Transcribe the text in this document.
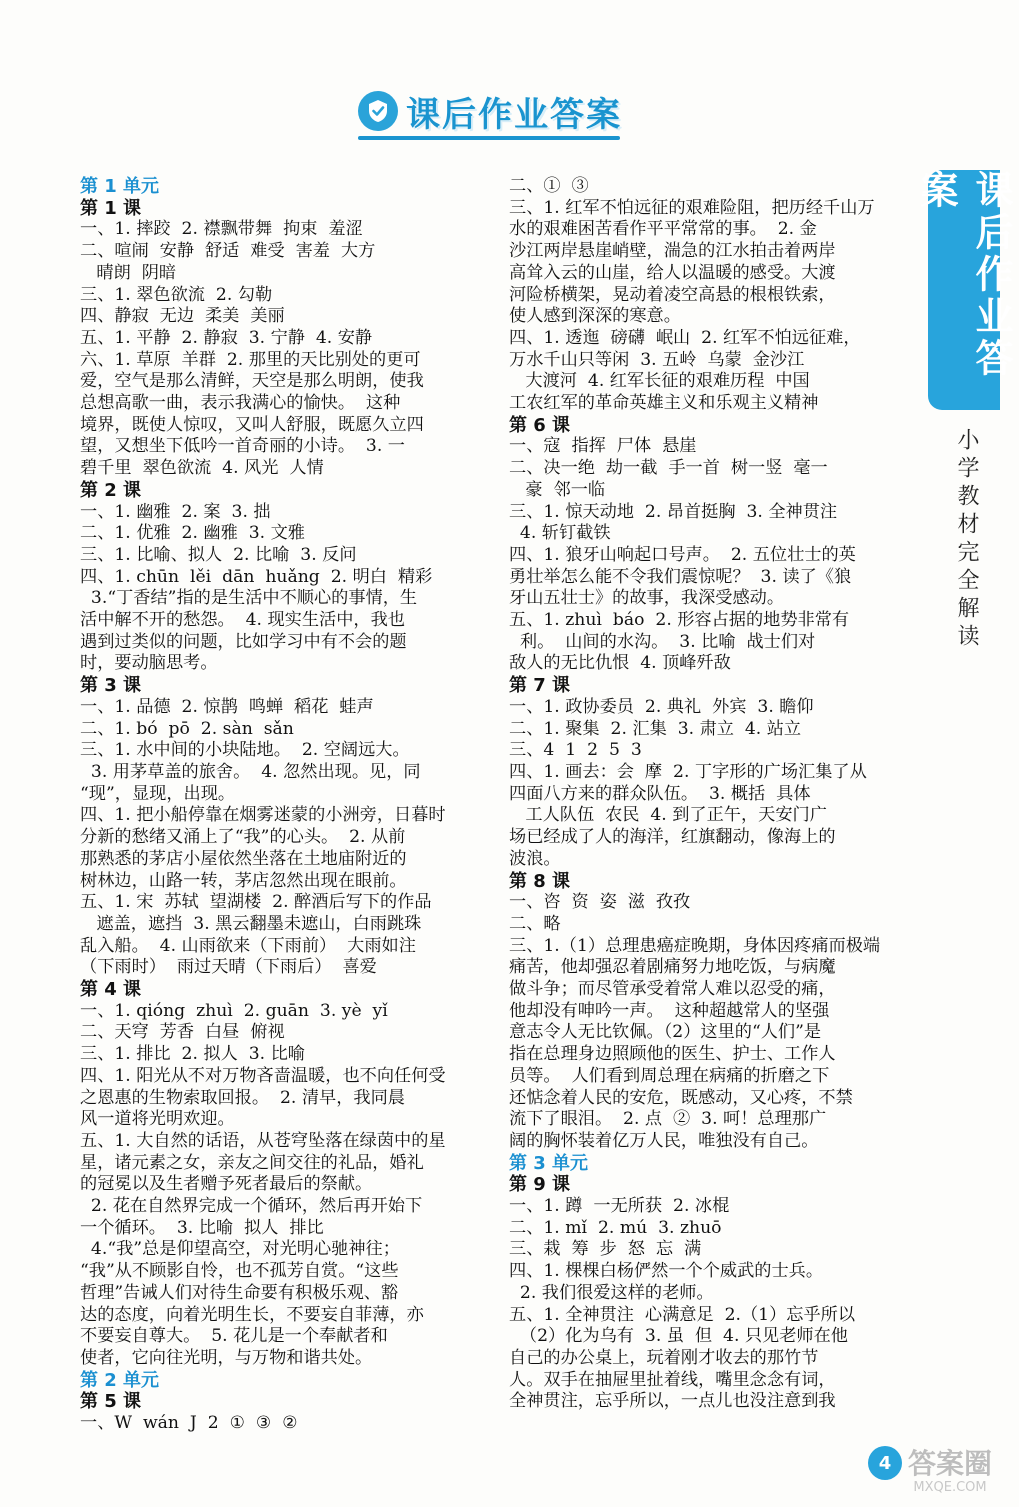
课后作业答案
第 1 单元
第 1 课
一、1. 摔跤  2. 襟飘带舞  拘束  羞涩
二、喧闹  安静  舒适  难受  害羞  大方
晴朗  阴暗
三、1. 翠色欲流  2. 勾勒
四、静寂  无边  柔美  美丽
五、1. 平静  2. 静寂  3. 宁静  4. 安静
六、1. 草原  羊群  2. 那里的天比别处的更可
爱，空气是那么清鲜，天空是那么明朗，使我
总想高歌一曲，表示我满心的愉快。  这种
境界，既使人惊叹，又叫人舒服，既愿久立四
望，又想坐下低吟一首奇丽的小诗。  3. 一
碧千里  翠色欲流  4. 风光  人情
第 2 课
一、1. 幽雅  2. 案  3. 拙
二、1. 优雅  2. 幽雅  3. 文雅
三、1. 比喻、拟人  2. 比喻  3. 反问
四、1. chūn  lěi  dān  huǎng  2. 明白  精彩
3.“丁香结”指的是生活中不顺心的事情，生
活中解不开的愁怨。  4. 现实生活中，我也
遇到过类似的问题，比如学习中有不会的题
时，要动脑思考。
第 3 课
一、1. 品德  2. 惊鹊  鸣蝉  稻花  蛙声
二、1. bó  pō  2. sàn  sǎn
三、1. 水中间的小块陆地。  2. 空阔远大。
3. 用茅草盖的旅舍。  4. 忽然出现。见，同
“现”，显现，出现。
四、1. 把小船停靠在烟雾迷蒙的小洲旁，日暮时
分新的愁绪又涌上了“我”的心头。  2. 从前
那熟悉的茅店小屋依然坐落在土地庙附近的
树林边，山路一转，茅店忽然出现在眼前。
五、1. 宋  苏轼  望湖楼  2. 醉酒后写下的作品
遮盖，遮挡  3. 黑云翻墨未遮山，白雨跳珠
乱入船。  4. 山雨欲来（下雨前）  大雨如注
（下雨时）  雨过天晴（下雨后）  喜爱
第 4 课
一、1. qióng  zhuì  2. guān  3. yè  yǐ
二、天穹  芳香  白昼  俯视
三、1. 排比  2. 拟人  3. 比喻
四、1. 阳光从不对万物吝啬温暖，也不向任何受
之恩惠的生物索取回报。  2. 清早，我同晨
风一道将光明欢迎。
五、1. 大自然的话语，从苍穹坠落在绿茵中的星
星，诸元素之女，亲友之间交往的礼品，婚礼
的冠冕以及生者赠予死者最后的祭献。
2. 花在自然界完成一个循环，然后再开始下
一个循环。  3. 比喻  拟人  排比
4.“我”总是仰望高空，对光明心驰神往；
“我”从不顾影自怜，也不孤芳自赏。“这些
哲理”告诫人们对待生命要有积极乐观、豁
达的态度，向着光明生长，不要妄自菲薄，亦
不要妄自尊大。  5. 花儿是一个奉献者和
使者，它向往光明，与万物和谐共处。
第 2 单元
第 5 课
一、W  wán  J  2  ①  ③  ②
二、①  ③
三、1. 红军不怕远征的艰难险阻，把历经千山万
水的艰难困苦看作平平常常的事。  2. 金
沙江两岸悬崖峭壁，湍急的江水拍击着两岸
高耸入云的山崖，给人以温暖的感受。大渡
河险桥横架，晃动着凌空高悬的根根铁索，
使人感到深深的寒意。
四、1. 透迤  磅礴  岷山  2. 红军不怕远征难，
万水千山只等闲  3. 五岭  乌蒙  金沙江
大渡河  4. 红军长征的艰难历程  中国
工农红军的革命英雄主义和乐观主义精神
第 6 课
一、寇  指挥  尸体  悬崖
二、决一绝  劫一截  手一首  树一竖  毫一
豪  邻一临
三、1. 惊天动地  2. 昂首挺胸  3. 全神贯注
4. 斩钉截铁
四、1. 狼牙山响起口号声。  2. 五位壮士的英
勇壮举怎么能不令我们震惊呢？  3. 读了《狼
牙山五壮士》的故事，我深受感动。
五、1. zhuì  báo  2. 形容占据的地势非常有
利。  山间的水沟。  3. 比喻  战士们对
敌人的无比仇恨  4. 顶峰歼敌
第 7 课
一、1. 政协委员  2. 典礼  外宾  3. 瞻仰
二、1. 聚集  2. 汇集  3. 肃立  4. 站立
三、4  1  2  5  3
四、1. 画去：会  摩  2. 丁字形的广场汇集了从
四面八方来的群众队伍。  3. 概括  具体
工人队伍  农民  4. 到了正午，天安门广
场已经成了人的海洋，红旗翻动，像海上的
波浪。
第 8 课
一、咨  资  姿  滋  孜孜
二、略
三、1.（1）总理患癌症晚期，身体因疼痛而极端
痛苦，他却强忍着剧痛努力地吃饭，与病魔
做斗争；而尽管承受着常人难以忍受的痛，
他却没有呻吟一声。  这种超越常人的坚强
意志令人无比钦佩。（2）这里的“人们”是
指在总理身边照顾他的医生、护士、工作人
员等。  人们看到周总理在病痛的折磨之下
还惦念着人民的安危，既感动，又心疼，不禁
流下了眼泪。  2. 点  ②  3. 呵！总理那广
阔的胸怀装着亿万人民，唯独没有自己。
第 3 单元
第 9 课
一、1. 蹲  一无所获  2. 冰棍
二、1. mǐ  2. mú  3. zhuō
三、栽  筹  步  怒  忘  满
四、1. 棵棵白杨俨然一个个威武的士兵。
2. 我们很爱这样的老师。
五、1. 全神贯注  心满意足  2.（1）忘乎所以
（2）化为乌有  3. 虽  但  4. 只见老师在他
自己的办公桌上，玩着刚才收去的那竹节
人。双手在抽屉里扯着线，嘴里念念有词，
全神贯注，忘乎所以，一点儿也没注意到我
课后作业答案
小学教材完全解读
4 答案圈
MXQE.COM
